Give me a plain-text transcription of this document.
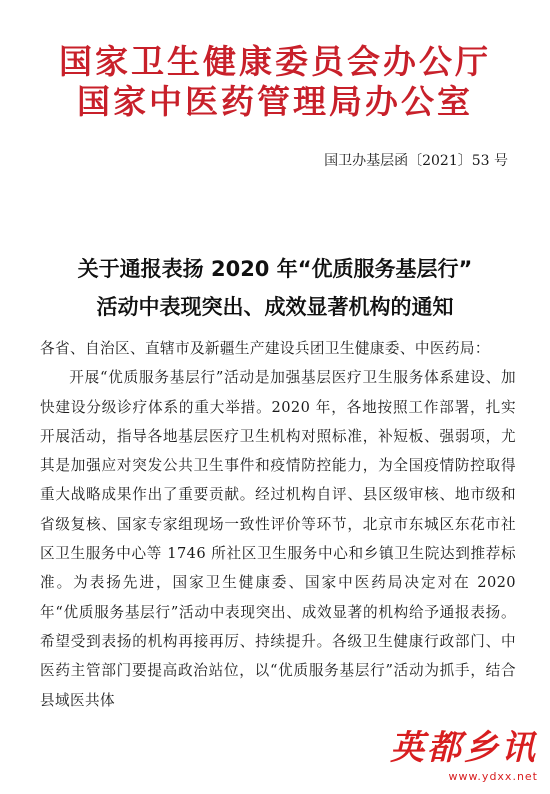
国家卫生健康委员会办公厅
国家中医药管理局办公室
国卫办基层函〔2021〕53 号
关于通报表扬 2020 年“优质服务基层行”
活动中表现突出、成效显著机构的通知

各省、自治区、直辖市及新疆生产建设兵团卫生健康委、中医药局：

开展“优质服务基层行”活动是加强基层医疗卫生服务体系建设、加快建设分级诊疗体系的重大举措。2020 年，各地按照工作部署，扎实开展活动，指导各地基层医疗卫生机构对照标准，补短板、强弱项，尤其是加强应对突发公共卫生事件和疫情防控能力，为全国疫情防控取得重大战略成果作出了重要贡献。经过机构自评、县区级审核、地市级和省级复核、国家专家组现场一致性评价等环节，北京市东城区东花市社区卫生服务中心等 1746 所社区卫生服务中心和乡镇卫生院达到推荐标准。为表扬先进，国家卫生健康委、国家中医药局决定对在 2020 年“优质服务基层行”活动中表现突出、成效显著的机构给予通报表扬。希望受到表扬的机构再接再厉、持续提升。各级卫生健康行政部门、中医药主管部门要提高政治站位，以“优质服务基层行”活动为抓手，结合县域医共体

英都乡讯
www.ydxx.net
